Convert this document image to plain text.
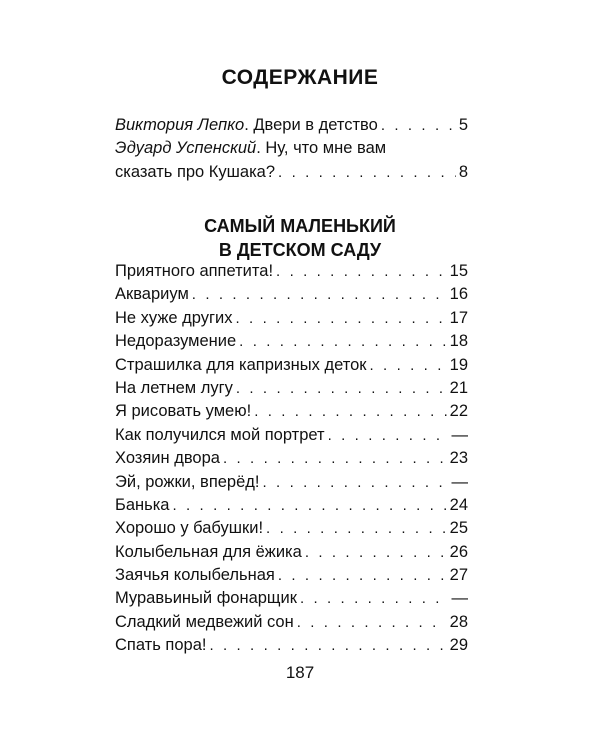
СОДЕРЖАНИЕ
Виктория Лепко. Двери в детство . . .	5
Эдуард Успенский. Ну, что мне вам
сказать про Кушака? . . .	8
САМЫЙ МАЛЕНЬКИЙ
В ДЕТСКОМ САДУ
Приятного аппетита! . . .	15
Аквариум . . .	16
Не хуже других . . .	17
Недоразумение . . .	18
Страшилка для капризных деток . . .	19
На летнем лугу . . .	21
Я рисовать умею! . . .	22
Как получился мой портрет . . .	—
Хозяин двора . . .	23
Эй, рожки, вперёд! . . .	—
Банька . . .	24
Хорошо у бабушки! . . .	25
Колыбельная для ёжика . . .	26
Заячья колыбельная . . .	27
Муравьиный фонарщик . . .	—
Сладкий медвежий сон . . .	28
Спать пора! . . .	29
187
